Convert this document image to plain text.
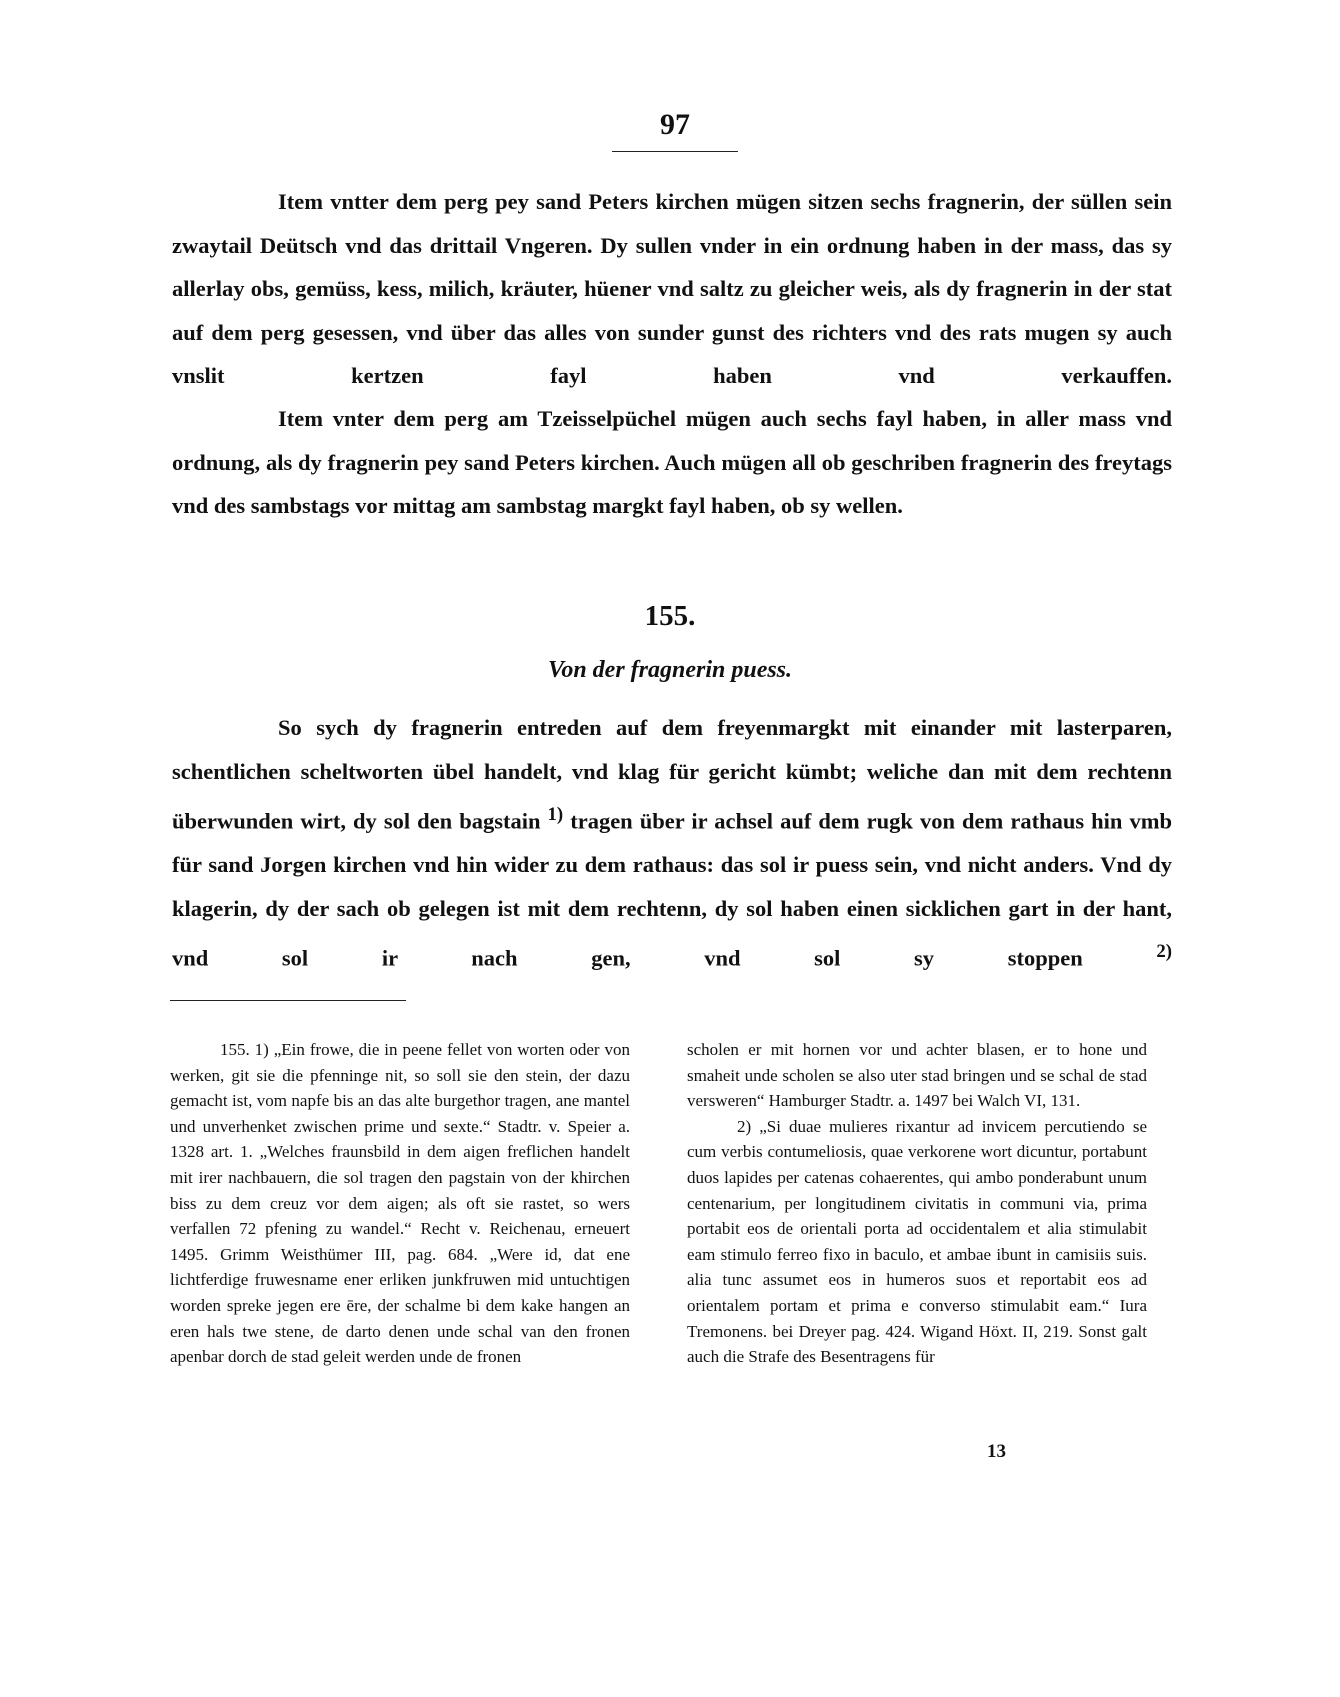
97

Item vntter dem perg pey sand Peters kirchen mügen sitzen sechs fragnerin, der süllen sein zwaytail Deütsch vnd das drittail Vngeren. Dy sullen vnder in ein ordnung haben in der mass, das sy allerlay obs, gemüss, kess, milich, kräuter, hüener vnd saltz zu gleicher weis, als dy fragnerin in der stat auf dem perg gesessen, vnd über das alles von sunder gunst des richters vnd des rats mugen sy auch vnslit kertzen fayl haben vnd verkauffen.

Item vnter dem perg am Tzeisselpüchel mügen auch sechs fayl haben, in aller mass vnd ordnung, als dy fragnerin pey sand Peters kirchen. Auch mügen all ob geschriben fragnerin des freytags vnd des sambstags vor mittag am sambstag margkt fayl haben, ob sy wellen.

155.
Von der fragnerin puess.

So sych dy fragnerin entreden auf dem freyenmargkt mit einander mit lasterparen, schentlichen scheltworten übel handelt, vnd klag für gericht kümbt; weliche dan mit dem rechtenn überwunden wirt, dy sol den bagstain $^{1)}$ tragen über ir achsel auf dem rugk von dem rathaus hin vmb für sand Jorgen kirchen vnd hin wider zu dem rathaus: das sol ir puess sein, vnd nicht anders. Vnd dy klagerin, dy der sach ob gelegen ist mit dem rechtenn, dy sol haben einen sicklichen gart in der hant, vnd sol ir nach gen, vnd sol sy stoppen	$^{2)}$

155. 1) „Ein frowe, die in peene fellet von worten oder von werken, git sie die pfenninge nit, so soll sie den stein, der dazu gemacht ist, vom napfe bis an das alte burgethor tragen, ane mantel und unverhenket zwischen prime und sexte.“ Stadtr. v. Speier a. 1328 art. 1. „Welches fraunsbild in dem aigen freflichen handelt mit irer nachbauern, die sol tragen den pagstain von der khirchen biss zu dem creuz vor dem aigen; als oft sie rastet, so wers verfallen 72 pfening zu wandel.“ Recht v. Reichenau, erneuert 1495. Grimm Weisthümer III, pag. 684. „Were id, dat ene lichtferdige fruwesname ener erliken junkfruwen mid untuchtigen worden spreke jegen ere ēre, der schalme bi dem kake hangen an eren hals twe stene, de darto denen unde schal van den fronen apenbar dorch de stad geleit werden unde de fronen

scholen er mit hornen vor und achter blasen, er to hone und smaheit unde scholen se also uter stad bringen und se schal de stad versweren“ Hamburger Stadtr. a. 1497 bei Walch VI, 131.

2) „Si duae mulieres rixantur ad invicem percutiendo se cum verbis contumeliosis, quae verkorene wort dicuntur, portabunt duos lapides per catenas cohaerentes, qui ambo ponderabunt unum centenarium, per longitudinem civitatis in communi via, prima portabit eos de orientali porta ad occidentalem et alia stimulabit eam stimulo ferreo fixo in baculo, et ambae ibunt in camisiis suis. alia tunc assumet eos in humeros suos et reportabit eos ad orientalem portam et prima e converso stimulabit eam.“ Iura Tremonens. bei Dreyer pag. 424. Wigand Höxt. II, 219. Sonst galt auch die Strafe des Besentragens für

13
